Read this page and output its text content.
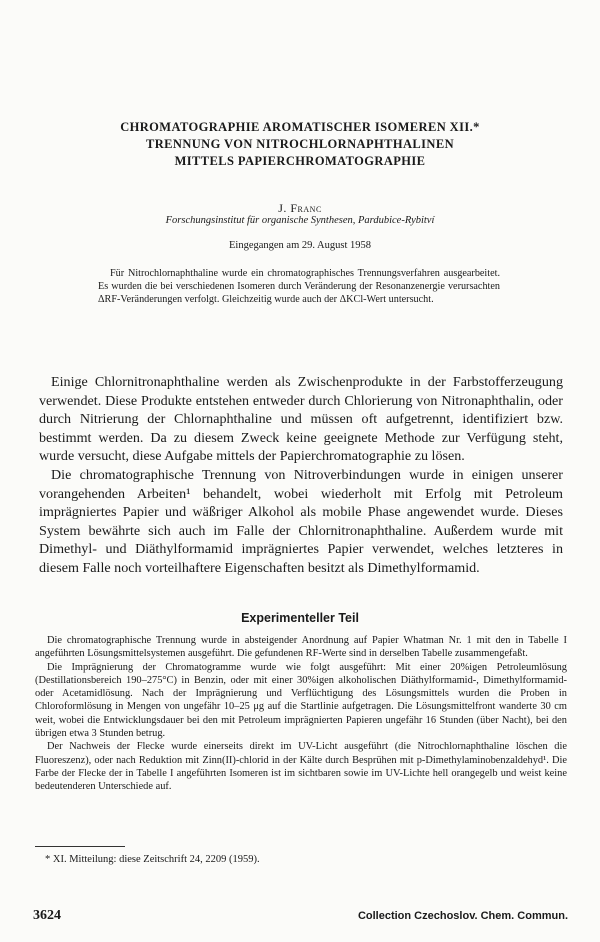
CHROMATOGRAPHIE AROMATISCHER ISOMEREN XII.*
TRENNUNG VON NITROCHLORNAPHTHALINEN
MITTELS PAPIERCHROMATOGRAPHIE
J. Franc
Forschungsinstitut für organische Synthesen, Pardubice-Rybitví
Eingegangen am 29. August 1958

Für Nitrochlornaphthaline wurde ein chromatographisches Trennungsverfahren ausgearbeitet. Es wurden die bei verschiedenen Isomeren durch Veränderung der Resonanzenergie verursachten ΔRF-Veränderungen verfolgt. Gleichzeitig wurde auch der ΔKCl-Wert untersucht.

Einige Chlornitronaphthaline werden als Zwischenprodukte in der Farbstofferzeugung verwendet. Diese Produkte entstehen entweder durch Chlorierung von Nitronaphthalin, oder durch Nitrierung der Chlornaphthaline und müssen oft aufgetrennt, identifiziert bzw. bestimmt werden. Da zu diesem Zweck keine geeignete Methode zur Verfügung steht, wurde versucht, diese Aufgabe mittels der Papierchromatographie zu lösen.

Die chromatographische Trennung von Nitroverbindungen wurde in einigen unserer vorangehenden Arbeiten¹ behandelt, wobei wiederholt mit Erfolg mit Petroleum imprägniertes Papier und wäßriger Alkohol als mobile Phase angewendet wurde. Dieses System bewährte sich auch im Falle der Chlornitronaphthaline. Außerdem wurde mit Dimethyl- und Diäthylformamid imprägniertes Papier verwendet, welches letzteres in diesem Falle noch vorteilhaftere Eigenschaften besitzt als Dimethylformamid.

Experimenteller Teil

Die chromatographische Trennung wurde in absteigender Anordnung auf Papier Whatman Nr. 1 mit den in Tabelle I angeführten Lösungsmittelsystemen ausgeführt. Die gefundenen RF-Werte sind in derselben Tabelle zusammengefaßt.

Die Imprägnierung der Chromatogramme wurde wie folgt ausgeführt: Mit einer 20%igen Petroleumlösung (Destillationsbereich 190–275°C) in Benzin, oder mit einer 30%igen alkoholischen Diäthylformamid-, Dimethylformamid- oder Acetamidlösung. Nach der Imprägnierung und Verflüchtigung des Lösungsmittels wurden die Proben in Chloroformlösung in Mengen von ungefähr 10–25 μg auf die Startlinie aufgetragen. Die Lösungsmittelfront wanderte 30 cm weit, wobei die Entwicklungsdauer bei den mit Petroleum imprägnierten Papieren ungefähr 16 Stunden (über Nacht), bei den übrigen etwa 3 Stunden betrug.

Der Nachweis der Flecke wurde einerseits direkt im UV-Licht ausgeführt (die Nitrochlornaphthaline löschen die Fluoreszenz), oder nach Reduktion mit Zinn(II)-chlorid in der Kälte durch Besprühen mit p-Dimethylaminobenzaldehyd¹. Die Farbe der Flecke der in Tabelle I angeführten Isomeren ist im sichtbaren sowie im UV-Lichte hell orangegelb und weist keine bedeutenderen Unterschiede auf.

* XI. Mitteilung: diese Zeitschrift 24, 2209 (1959).
3624	Collection Czechoslov. Chem. Commun.
